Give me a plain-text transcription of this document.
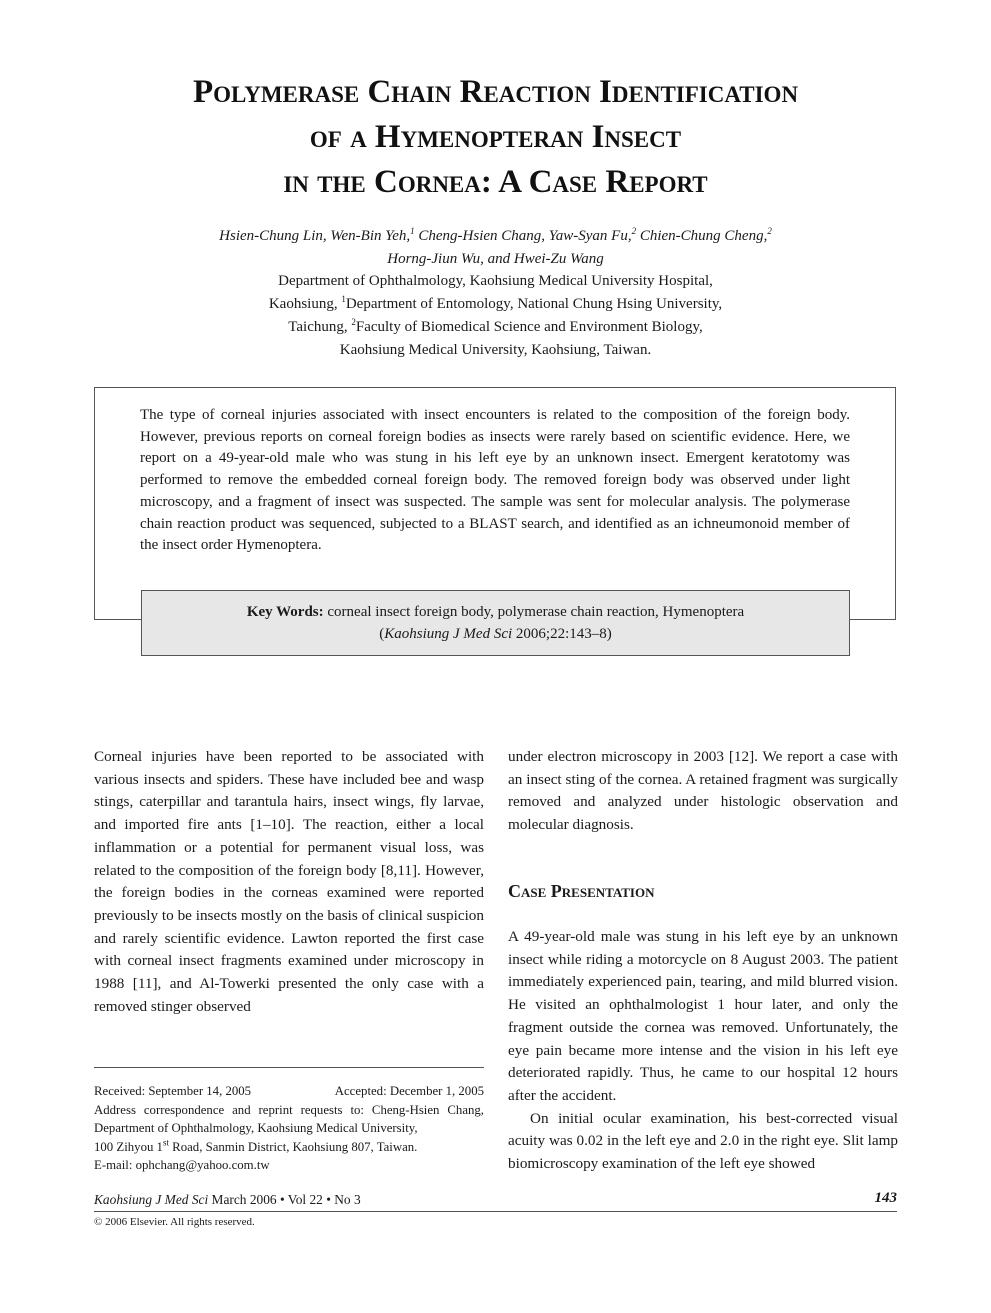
Polymerase Chain Reaction Identification
of a Hymenopteran Insect
in the Cornea: A Case Report
Hsien-Chung Lin, Wen-Bin Yeh,$^1$ Cheng-Hsien Chang, Yaw-Syan Fu,$^2$ Chien-Chung Cheng,$^2$
Horng-Jiun Wu, and Hwei-Zu Wang
Department of Ophthalmology, Kaohsiung Medical University Hospital,
Kaohsiung, $^1$Department of Entomology, National Chung Hsing University,
Taichung, $^2$Faculty of Biomedical Science and Environment Biology,
Kaohsiung Medical University, Kaohsiung, Taiwan.

The type of corneal injuries associated with insect encounters is related to the composition of the foreign body. However, previous reports on corneal foreign bodies as insects were rarely based on scientific evidence. Here, we report on a 49-year-old male who was stung in his left eye by an unknown insect. Emergent keratotomy was performed to remove the embedded corneal foreign body. The removed foreign body was observed under light microscopy, and a fragment of insect was suspected. The sample was sent for molecular analysis. The polymerase chain reaction product was sequenced, subjected to a BLAST search, and identified as an ichneumonoid member of the insect order Hymenoptera.

Key Words: corneal insect foreign body, polymerase chain reaction, Hymenoptera
(Kaohsiung J Med Sci 2006;22:143–8)

Corneal injuries have been reported to be associated with various insects and spiders. These have included bee and wasp stings, caterpillar and tarantula hairs, insect wings, fly larvae, and imported fire ants [1–10]. The reaction, either a local inflammation or a potential for permanent visual loss, was related to the composition of the foreign body [8,11]. However, the foreign bodies in the corneas examined were reported previously to be insects mostly on the basis of clinical suspicion and rarely scientific evidence. Lawton reported the first case with corneal insect fragments examined under microscopy in 1988 [11], and Al-Towerki presented the only case with a removed stinger observed

under electron microscopy in 2003 [12]. We report a case with an insect sting of the cornea. A retained fragment was surgically removed and analyzed under histologic observation and molecular diagnosis.

Case Presentation
A 49-year-old male was stung in his left eye by an unknown insect while riding a motorcycle on 8 August 2003. The patient immediately experienced pain, tearing, and mild blurred vision. He visited an ophthalmologist 1 hour later, and only the fragment outside the cornea was removed. Unfortunately, the eye pain became more intense and the vision in his left eye deteriorated rapidly. Thus, he came to our hospital 12 hours after the accident.
On initial ocular examination, his best-corrected visual acuity was 0.02 in the left eye and 2.0 in the right eye. Slit lamp biomicroscopy examination of the left eye showed
Received: September 14, 2005	Accepted: December 1, 2005
Address correspondence and reprint requests to: Cheng-Hsien Chang, Department of Ophthalmology, Kaohsiung Medical University,
100 Zihyou 1st Road, Sanmin District, Kaohsiung 807, Taiwan.
E-mail: ophchang@yahoo.com.tw
Kaohsiung J Med Sci March 2006 • Vol 22 • No 3	143
© 2006 Elsevier. All rights reserved.
